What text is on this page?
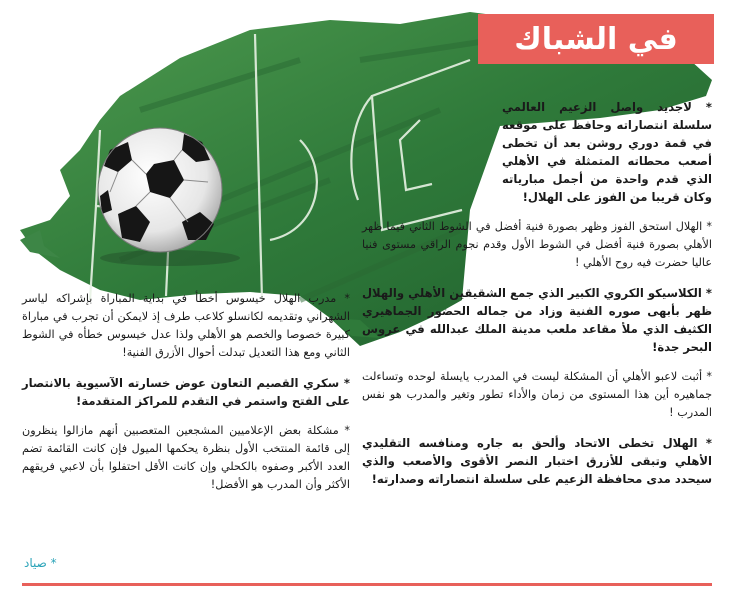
في الشباك

* لاجديد واصل الزعيم العالمي سلسلة انتصاراته وحافظ على موقعه في قمة دوري روشن بعد أن تخطى أصعب محطاته المتمثلة في الأهلي الذي قدم واحدة من أجمل مبارياته وكان قريبا من الفوز على الهلال!

* الهلال استحق الفوز وظهر بصورة فنية أفضل في الشوط الثاني فيما ظهر الأهلي بصورة فنية أفضل في الشوط الأول وقدم نجوم الراقي مستوى فنيا عاليا حضرت فيه روح الأهلي !

* الكلاسيكو الكروي الكبير الذي جمع الشقيقين الأهلي والهلال ظهر بأبهى صوره الفنية وزاد من جماله الحضور الجماهيري الكثيف الذي ملأ مقاعد ملعب مدينة الملك عبدالله في عروس البحر جدة!

* أثبت لاعبو الأهلي أن المشكلة ليست في المدرب يايسلة لوحده وتساءلت جماهيره أين هذا المستوى من زمان والأداء تطور وتغير والمدرب هو نفس المدرب !

* الهلال تخطى الاتحاد وألحق به جاره ومنافسه التقليدي الأهلي وتبقى للأزرق اختبار النصر الأقوى والأصعب والذي سيحدد مدى محافظة الزعيم على سلسلة انتصاراته وصدارته!

* مدرب الهلال خيسوس أخطأ في بداية المباراة بإشراكه لياسر الشهراني وتقديمه لكانسلو كلاعب طرف إذ لايمكن أن تجرب في مباراة كبيرة خصوصا والخصم هو الأهلي ولذا عدل خيسوس خطأه في الشوط الثاني ومع هذا التعديل تبدلت أحوال الأزرق الفنية!

* سكري القصيم التعاون عوض خسارته الآسيوية بالانتصار على الفتح واستمر في التقدم للمراكز المتقدمة!

* مشكلة بعض الإعلاميين المشجعين المتعصبين أنهم مازالوا ينظرون إلى قائمة المنتخب الأول بنظرة يحكمها الميول فإن كانت القائمة تضم العدد الأكبر وصفوه بالكحلي وإن كانت الأقل احتفلوا بأن لاعبي فريقهم الأكثر وأن المدرب هو الأفضل!

* صياد
